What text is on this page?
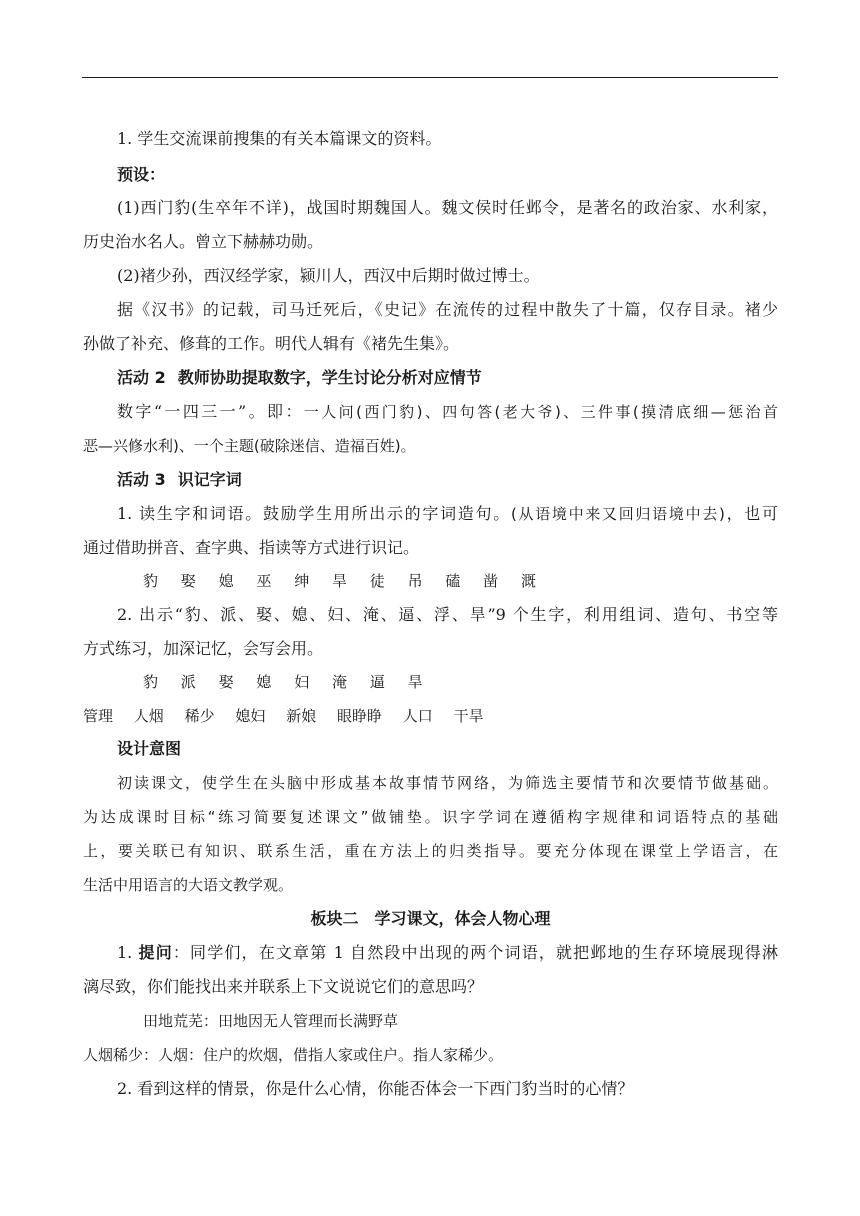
1. 学生交流课前搜集的有关本篇课文的资料。
预设：
(1)西门豹(生卒年不详)，战国时期魏国人。魏文侯时任邺令，是著名的政治家、水利家，
历史治水名人。曾立下赫赫功勋。
(2)褚少孙，西汉经学家，颍川人，西汉中后期时做过博士。
据《汉书》的记载，司马迁死后，《史记》在流传的过程中散失了十篇，仅存目录。褚少
孙做了补充、修葺的工作。明代人辑有《褚先生集》。
活动 2 教师协助提取数字，学生讨论分析对应情节
数字“一四三一”。即：一人问(西门豹)、四句答(老大爷)、三件事(摸清底细—惩治首
恶—兴修水利)、一个主题(破除迷信、造福百姓)。
活动 3 识记字词
1. 读生字和词语。鼓励学生用所出示的字词造句。(从语境中来又回归语境中去)，也可
通过借助拼音、查字典、指读等方式进行识记。
豹 娶 媳 巫 绅 旱 徒 吊 磕 凿 溉
2. 出示“豹、派、娶、媳、妇、淹、逼、浮、旱”9 个生字，利用组词、造句、书空等
方式练习，加深记忆，会写会用。
豹 派 娶 媳 妇 淹 逼 旱
管理 人烟 稀少 媳妇 新娘 眼睁睁 人口 干旱
设计意图
初读课文，使学生在头脑中形成基本故事情节网络，为筛选主要情节和次要情节做基础。
为达成课时目标“练习简要复述课文”做铺垫。识字学词在遵循构字规律和词语特点的基础
上，要关联已有知识、联系生活，重在方法上的归类指导。要充分体现在课堂上学语言，在
生活中用语言的大语文教学观。
板块二　学习课文，体会人物心理
1. 提问：同学们，在文章第 1 自然段中出现的两个词语，就把邺地的生存环境展现得淋
漓尽致，你们能找出来并联系上下文说说它们的意思吗？
田地荒芜：田地因无人管理而长满野草
人烟稀少：人烟：住户的炊烟，借指人家或住户。指人家稀少。
2. 看到这样的情景，你是什么心情，你能否体会一下西门豹当时的心情？
